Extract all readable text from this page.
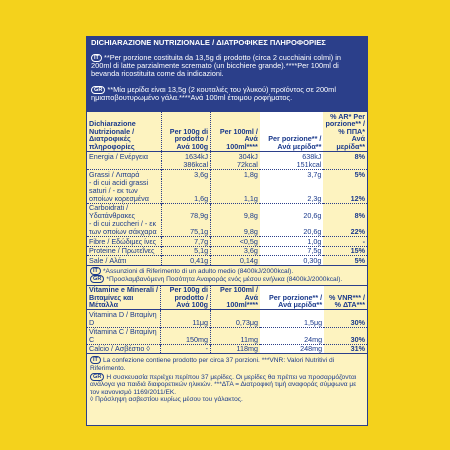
DICHIARAZIONE NUTRIZIONALE / ΔΙΑΤΡΟΦΙΚΕΣ ΠΛΗΡΟΦΟΡΙΕΣ

IT **Per porzione costituita da 13,5g di prodotto (circa 2 cucchiaini colmi) in 200ml di latte parzialmente scremato (un bicchiere grande).****Per 100ml di bevanda ricostituita come da indicazioni.

GR **Μία μερίδα είναι 13,5g (2 κουταλιές του γλυκού) προϊόντος σε 200ml ημιαποβουτυρωμένο γάλα.****Ανά 100ml έτοιμου ροφήματος.

Dichiarazione Nutrizionale / Διατροφικές πληροφορίες	Per 100g di prodotto / Ανά 100g	Per 100ml / Ανά 100ml****	Per porzione** / Ανά μερίδα**	% AR* Per porzione** / % ΠΠΑ* Ανά μερίδα**
Energia / Ενέργεια	1634kJ	304kJ	638kJ	8%
	386kcal	72kcal	151kcal	
Grassi / Λιπαρά	3,6g	1,8g	3,7g	5%
- di cui acidi grassi saturi / - εκ των οποίων κορεσμένα	1,6g	1,1g	2,3g	12%
Carboidrati / Υδατάνθρακες	78,9g	9,8g	20,6g	8%
- di cui zuccheri / - εκ των οποίων σάκχαρα	75,1g	9,8g	20,6g	22%
Fibre / Εδώδιμες ίνες	7,7g	<0,5g	1,0g	-
Proteine / Πρωτεΐνες	5,1g	3,6g	7,5g	15%
Sale / Αλάτι	0,41g	0,14g	0,30g	5%

IT *Assunzioni di Riferimento di un adulto medio (8400kJ/2000kcal).

GR *Προσλαμβανόμενη Ποσότητα Αναφοράς ενός μέσου ενήλικα (8400kJ/2000kcal).

Vitamine e Minerali / Βιταμίνες και Μέταλλα	Per 100g di prodotto / Ανά 100g	Per 100ml / Ανά 100ml****	Per porzione** / Ανά μερίδα**	% VNR*** / % ΔΤΑ***
Vitamina D / Βιταμίνη D	11μg	0,73μg	1,5μg	30%
Vitamina C / Βιταμίνη C	150mg	11mg	24mg	30%
Calcio / Ασβέστιο ◊	-	118mg	248mg	31%

IT La confezione contiene prodotto per circa 37 porzioni. ***VNR: Valori Nutritivi di Riferimento.

GR Η συσκευασία περιέχει περίπου 37 μερίδες. Οι μερίδες θα πρέπει να προσαρμόζονται ανάλογα για παιδιά διαφορετικών ηλικιών. ***ΔΤΑ = Διατροφική τιμή αναφοράς σύμφωνα με τον κανονισμό 1169/2011/ΕΚ.

◊ Πρόσληψη ασβεστίου κυρίως μέσου του γάλακτος.
